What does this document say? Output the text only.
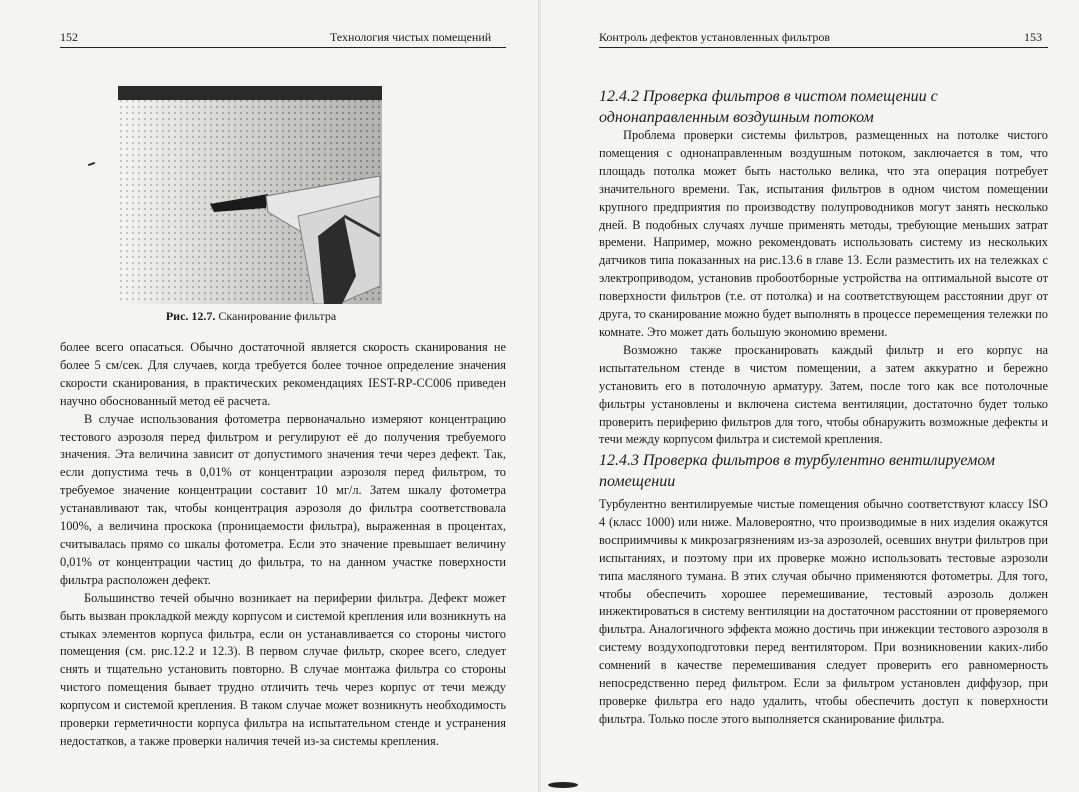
152	Технология чистых помещений
Рис. 12.7. Сканирование фильтра

более всего опасаться. Обычно достаточной является скорость сканирования не более 5 см/сек. Для случаев, когда требуется более точное определение значения скорости сканирования, в практических рекомендациях IEST-RP-CC006 приведен научно обоснованный метод её расчета.

В случае использования фотометра первоначально измеряют концентрацию тестового аэрозоля перед фильтром и регулируют её до получения требуемого значения. Эта величина зависит от допустимого значения течи через дефект. Так, если допустима течь в 0,01% от концентрации аэрозоля перед фильтром, то требуемое значение концентрации составит 10 мг/л. Затем шкалу фотометра устанавливают так, чтобы концентрация аэрозоля до фильтра соответствовала 100%, а величина проскока (проницаемости фильтра), выраженная в процентах, считывалась прямо со шкалы фотометра. Если это значение превышает величину 0,01% от концентрации частиц до фильтра, то на данном участке поверхности фильтра расположен дефект.

Большинство течей обычно возникает на периферии фильтра. Дефект может быть вызван прокладкой между корпусом и системой крепления или возникнуть на стыках элементов корпуса фильтра, если он устанавливается со стороны чистого помещения (см. рис.12.2 и 12.3). В первом случае фильтр, скорее всего, следует снять и тщательно установить повторно. В случае монтажа фильтра со стороны чистого помещения бывает трудно отличить течь через корпус от течи между корпусом и системой крепления. В таком случае может возникнуть необходимость проверки герметичности корпуса фильтра на испытательном стенде и устранения недостатков, а также проверки наличия течей из-за системы крепления.

Контроль дефектов установленных фильтров	153
12.4.2 Проверка фильтров в чистом помещении с однонаправленным воздушным потоком

Проблема проверки системы фильтров, размещенных на потолке чистого помещения с однонаправленным воздушным потоком, заключается в том, что площадь потолка может быть настолько велика, что эта операция потребует значительного времени. Так, испытания фильтров в одном чистом помещении крупного предприятия по производству полупроводников могут занять несколько дней. В подобных случаях лучше применять методы, требующие меньших затрат времени. Например, можно рекомендовать использовать систему из нескольких датчиков типа показанных на рис.13.6 в главе 13. Если разместить их на тележках с электроприводом, установив пробоотборные устройства на оптимальной высоте от поверхности фильтров (т.е. от потолка) и на соответствующем расстоянии друг от друга, то сканирование можно будет выполнять в процессе перемещения тележки по комнате. Это может дать большую экономию времени.

Возможно также просканировать каждый фильтр и его корпус на испытательном стенде в чистом помещении, а затем аккуратно и бережно установить его в потолочную арматуру. Затем, после того как все потолочные фильтры установлены и включена система вентиляции, достаточно будет только проверить периферию фильтров для того, чтобы обнаружить возможные дефекты и течи между корпусом фильтра и системой крепления.

12.4.3 Проверка фильтров в турбулентно вентилируемом помещении

Турбулентно вентилируемые чистые помещения обычно соответствуют классу ISO 4 (класс 1000) или ниже. Маловероятно, что производимые в них изделия окажутся восприимчивы к микрозагрязнениям из-за аэрозолей, осевших внутри фильтров при испытаниях, и поэтому при их проверке можно использовать тестовые аэрозоли типа масляного тумана. В этих случая обычно применяются фотометры. Для того, чтобы обеспечить хорошее перемешивание, тестовый аэрозоль должен инжектироваться в систему вентиляции на достаточном расстоянии от проверяемого фильтра. Аналогичного эффекта можно достичь при инжекции тестового аэрозоля в систему воздухоподготовки перед вентилятором. При возникновении каких-либо сомнений в качестве перемешивания следует проверить его равномерность непосредственно перед фильтром. Если за фильтром установлен диффузор, при проверке фильтра его надо удалить, чтобы обеспечить доступ к поверхности фильтра. Только после этого выполняется сканирование фильтра.
